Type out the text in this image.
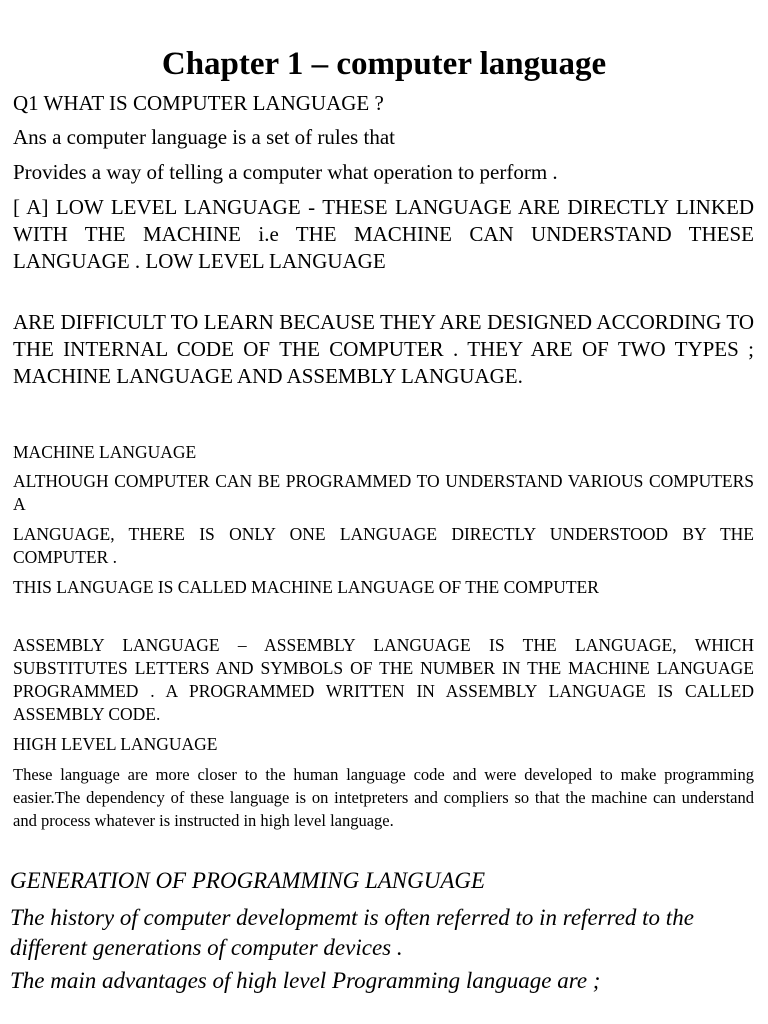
Chapter 1 – computer language

Q1 WHAT IS COMPUTER LANGUAGE ?

Ans a computer language is a set of rules that

Provides a way of telling a computer what operation to perform .

[ A] LOW LEVEL LANGUAGE - THESE LANGUAGE ARE DIRECTLY LINKED WITH THE MACHINE i.e THE MACHINE CAN UNDERSTAND THESE LANGUAGE . LOW LEVEL LANGUAGE

ARE DIFFICULT TO LEARN BECAUSE THEY ARE DESIGNED ACCORDING TO THE INTERNAL CODE OF THE COMPUTER . THEY ARE OF TWO TYPES ; MACHINE LANGUAGE AND ASSEMBLY LANGUAGE.

MACHINE LANGUAGE

ALTHOUGH COMPUTER CAN BE PROGRAMMED TO UNDERSTAND VARIOUS COMPUTERS A

LANGUAGE, THERE IS ONLY ONE LANGUAGE DIRECTLY UNDERSTOOD BY THE COMPUTER .

THIS LANGUAGE IS CALLED MACHINE LANGUAGE OF THE COMPUTER

ASSEMBLY LANGUAGE – ASSEMBLY LANGUAGE IS THE LANGUAGE, WHICH SUBSTITUTES LETTERS AND SYMBOLS OF THE NUMBER IN THE MACHINE LANGUAGE PROGRAMMED . A PROGRAMMED WRITTEN IN ASSEMBLY LANGUAGE IS CALLED ASSEMBLY CODE.

HIGH LEVEL LANGUAGE

These language are more closer to the human language code and were developed to make programming easier.The dependency of these language is on intetpreters and compliers so that the machine can understand and process whatever is instructed in high level language.

GENERATION OF PROGRAMMING LANGUAGE

The history of computer developmemt is often referred to in referred to the different generations of computer devices .

The main advantages of high level Programming language are ;
